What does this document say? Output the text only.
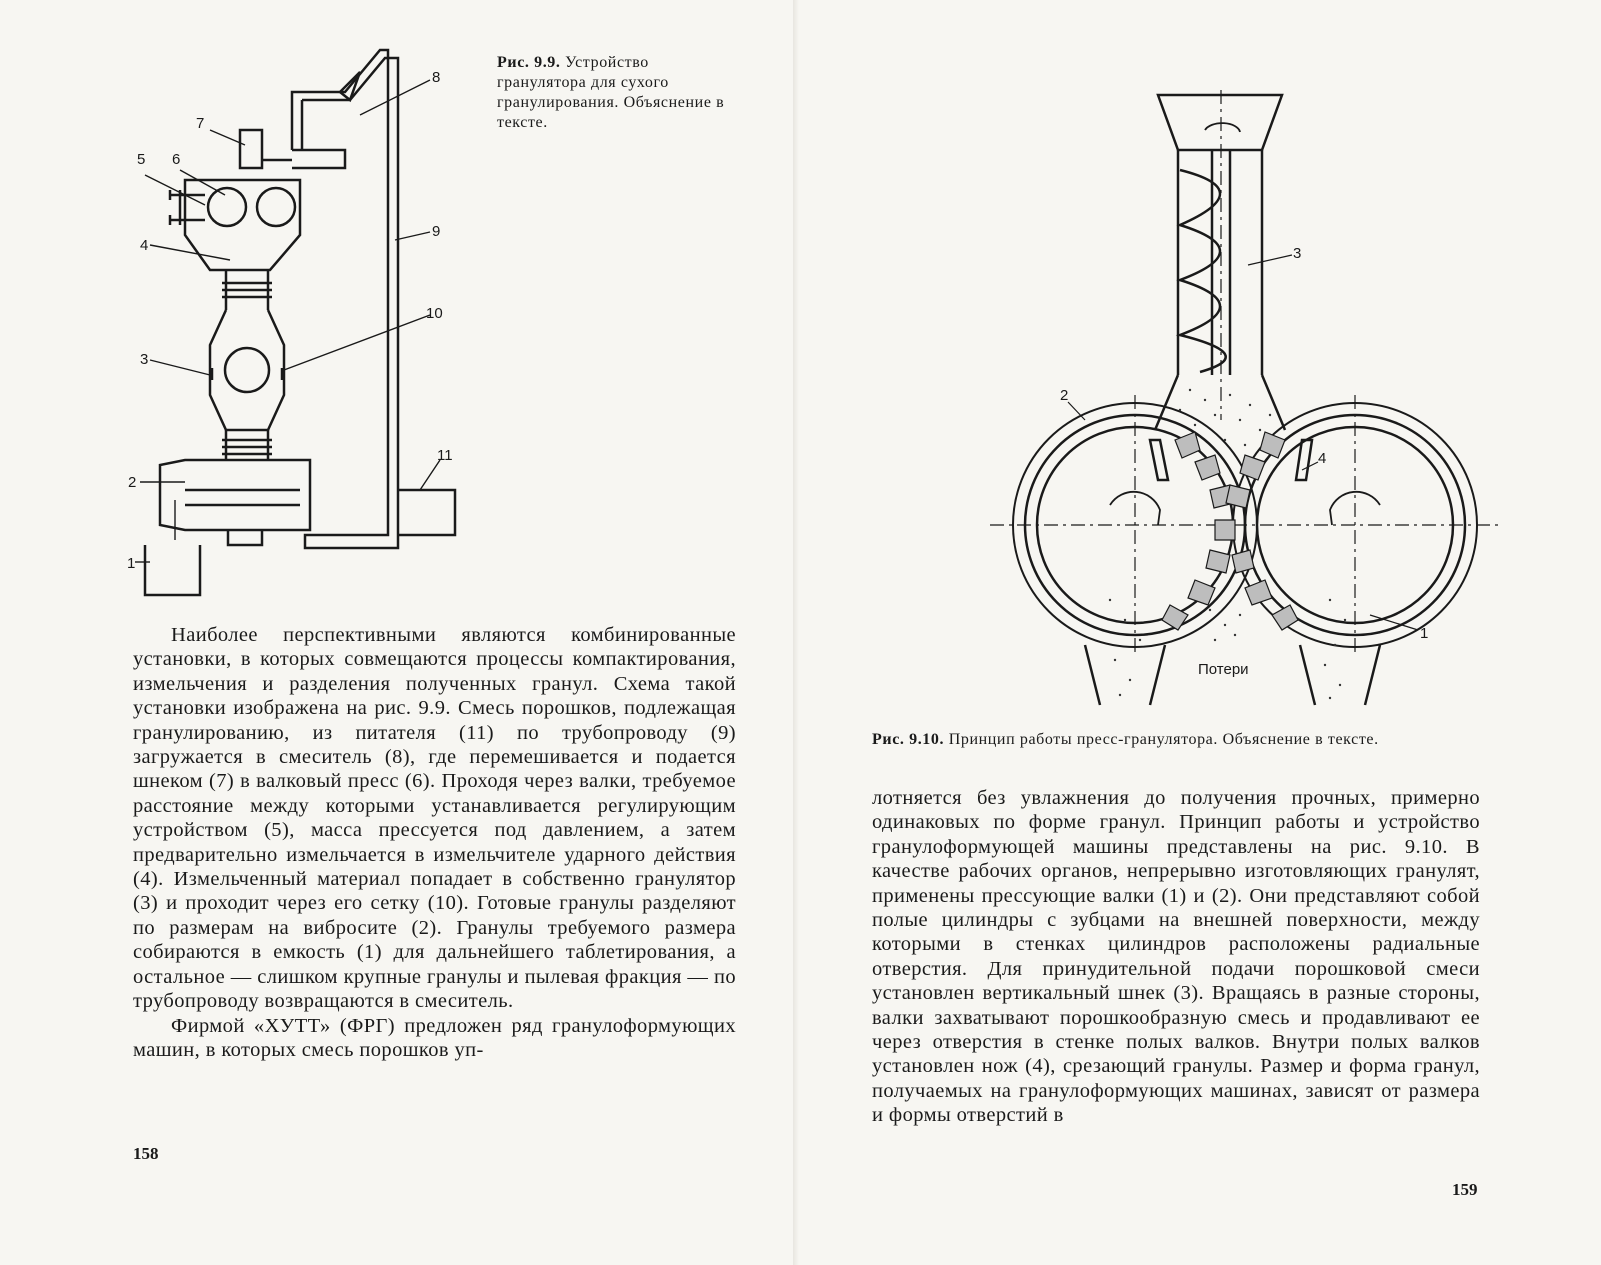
1
2
3
4
5 6
7
8
9
10
11
Рис. 9.9. Устройство гранулятора для сухого гранулирования. Объяснение в тексте.
1
2
3
4
Потери
Рис. 9.10. Принцип работы пресс-гранулятора. Объяснение в тексте.

Наиболее перспективными являются комбинированные установки, в которых совмещаются процессы компактирования, измельчения и разделения полученных гранул. Схема такой установки изображена на рис. 9.9. Смесь порошков, подлежащая гранулированию, из питателя (11) по трубопроводу (9) загружается в смеситель (8), где перемешивается и подается шнеком (7) в валковый пресс (6). Проходя через валки, требуемое расстояние между которыми устанавливается регулирующим устройством (5), масса прессуется под давлением, а затем предварительно измельчается в измельчителе ударного действия (4). Измельченный материал попадает в собственно гранулятор (3) и проходит через его сетку (10). Готовые гранулы разделяют по размерам на вибросите (2). Гранулы требуемого размера собираются в емкость (1) для дальнейшего таблетирования, а остальное — слишком крупные гранулы и пылевая фракция — по трубопроводу возвращаются в смеситель.

Фирмой «ХУТТ» (ФРГ) предложен ряд гранулоформующих машин, в которых смесь порошков уп-

лотняется без увлажнения до получения прочных, примерно одинаковых по форме гранул. Принцип работы и устройство гранулоформующей машины представлены на рис. 9.10. В качестве рабочих органов, непрерывно изготовляющих гранулят, применены прессующие валки (1) и (2). Они представляют собой полые цилиндры с зубцами на внешней поверхности, между которыми в стенках цилиндров расположены радиальные отверстия. Для принудительной подачи порошковой смеси установлен вертикальный шнек (3). Вращаясь в разные стороны, валки захватывают порошкообразную смесь и продавливают ее через отверстия в стенке полых валков. Внутри полых валков установлен нож (4), срезающий гранулы. Размер и форма гранул, получаемых на гранулоформующих машинах, зависят от размера и формы отверстий в

158
159
